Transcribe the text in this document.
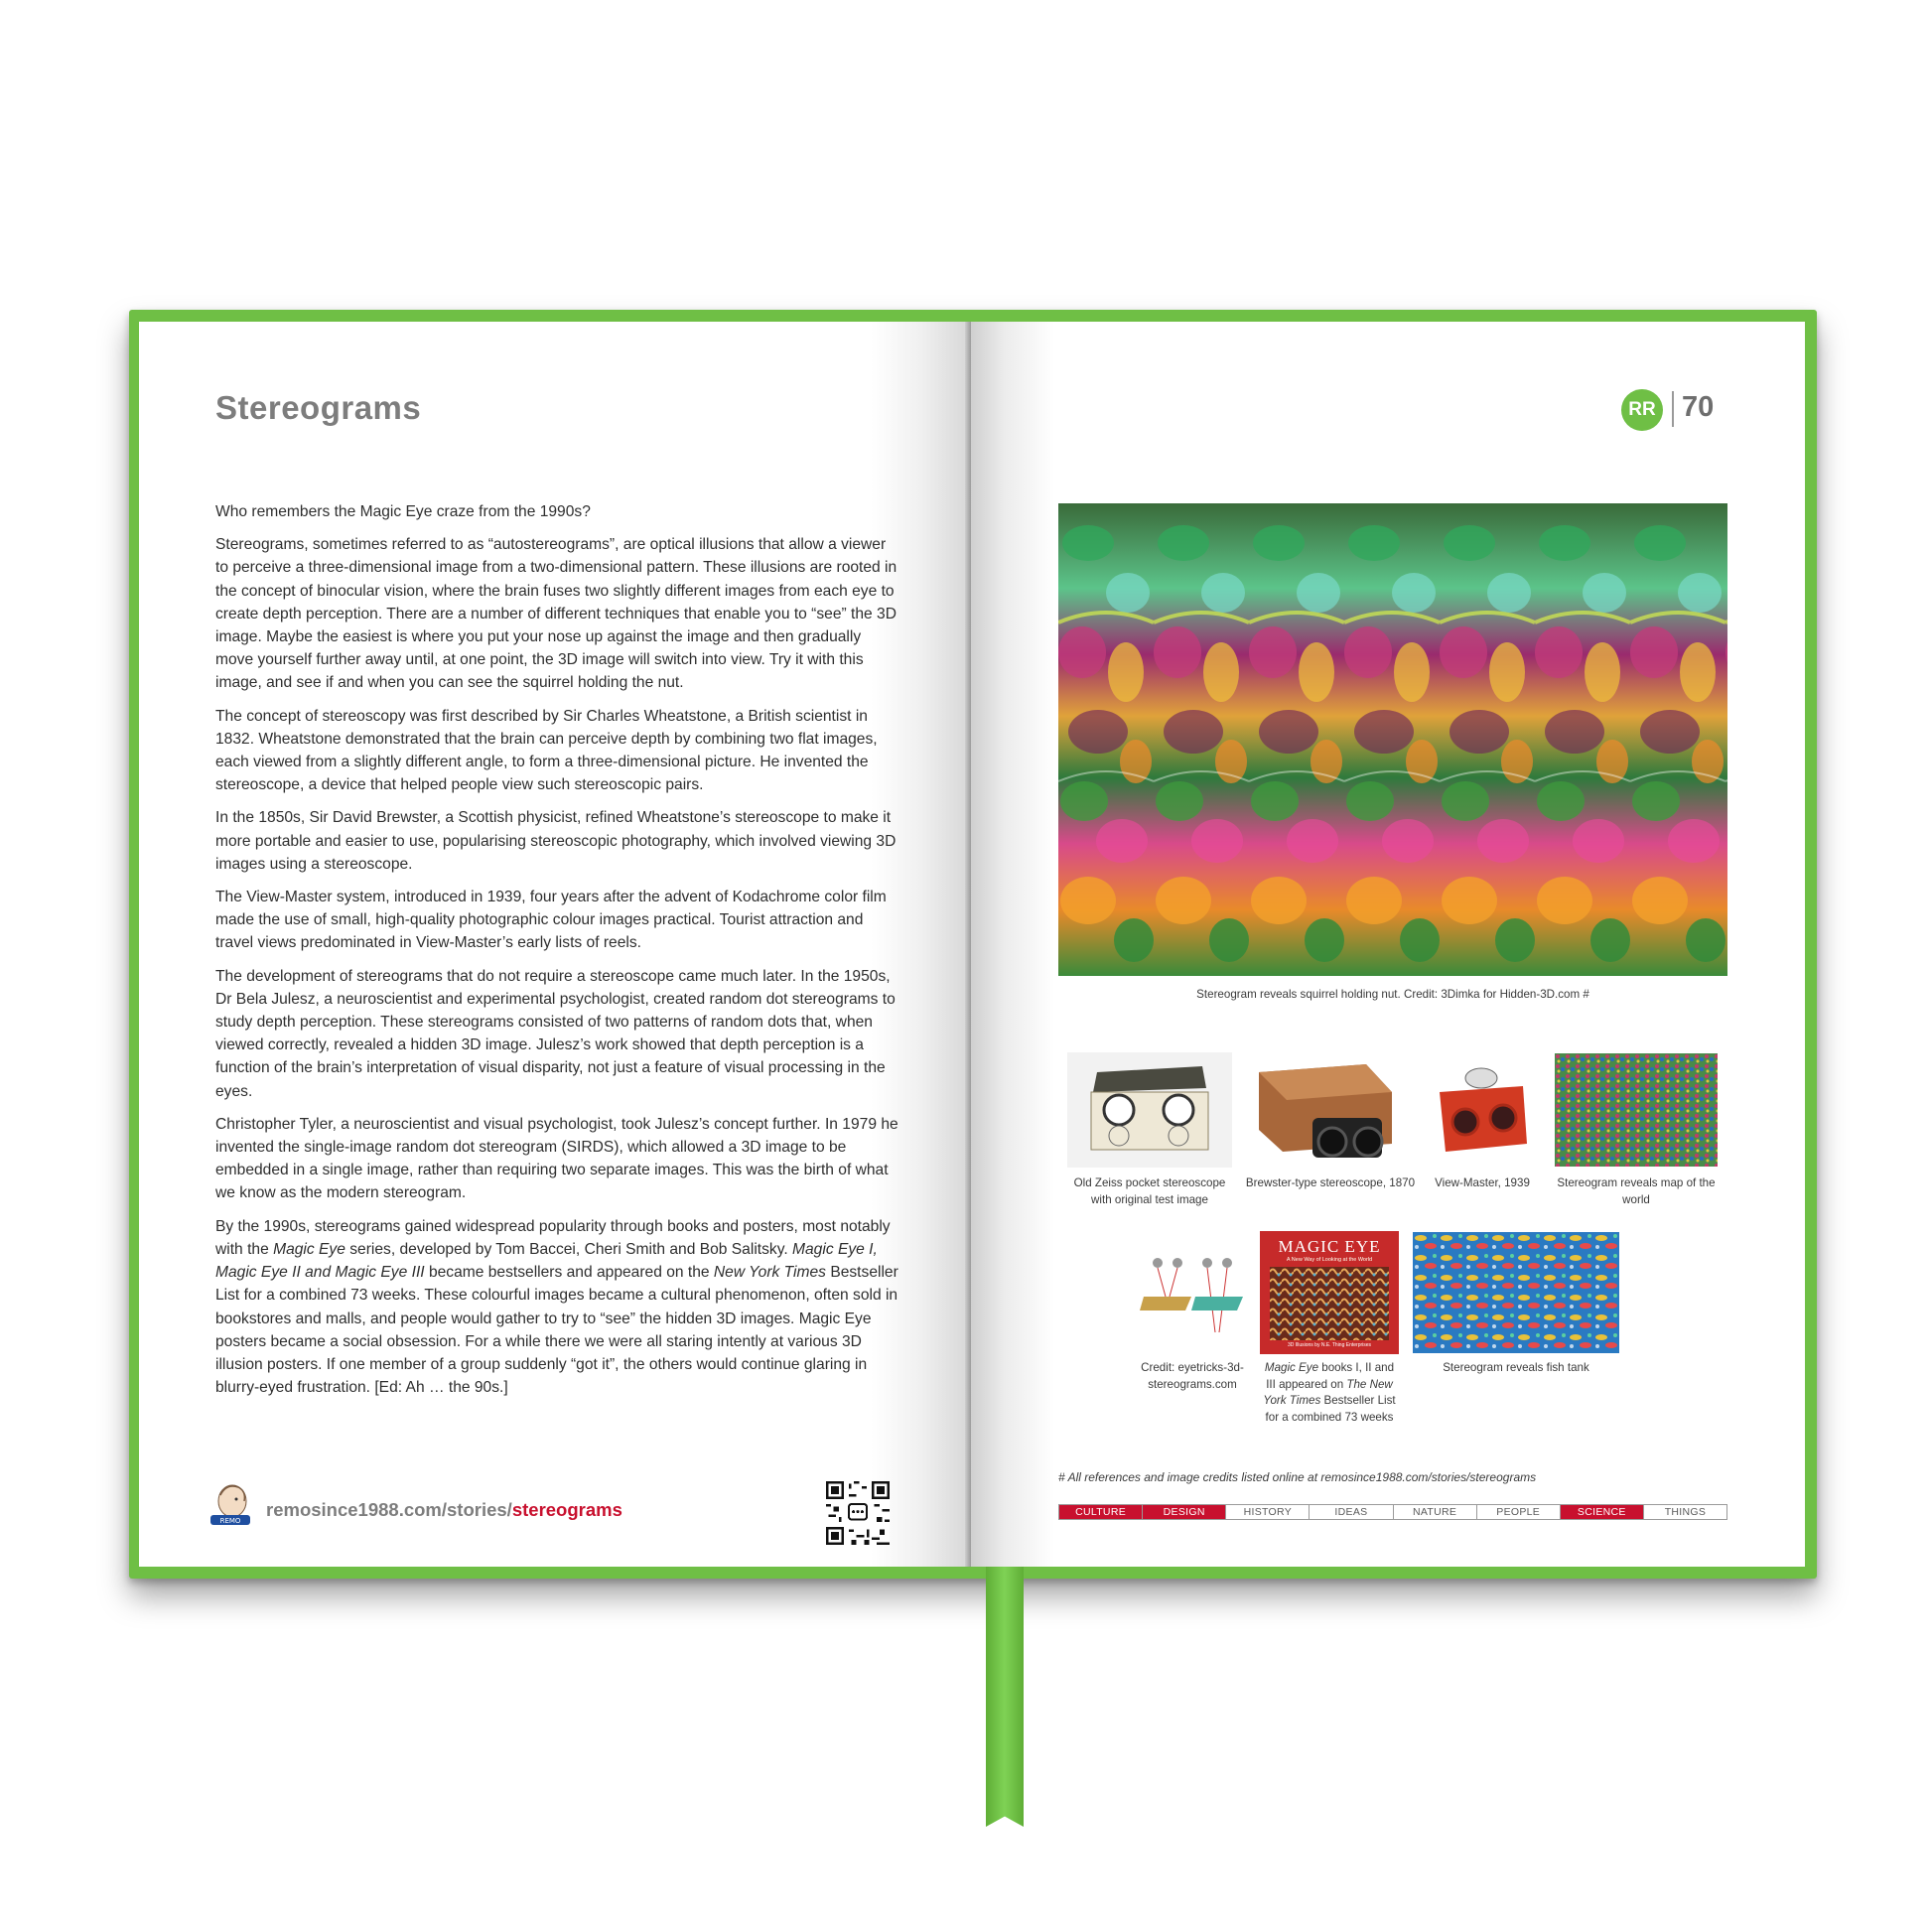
Stereograms

Who remembers the Magic Eye craze from the 1990s?

Stereograms, sometimes referred to as “autostereograms”, are optical illusions that allow a viewer to perceive a three-dimensional image from a two-dimensional pattern. These illusions are rooted in the concept of binocular vision, where the brain fuses two slightly different images from each eye to create depth perception. There are a number of different techniques that enable you to “see” the 3D image. Maybe the easiest is where you put your nose up against the image and then gradually move yourself further away until, at one point, the 3D image will switch into view. Try it with this image, and see if and when you can see the squirrel holding the nut.

The concept of stereoscopy was first described by Sir Charles Wheatstone, a British scientist in 1832. Wheatstone demonstrated that the brain can perceive depth by combining two flat images, each viewed from a slightly different angle, to form a three-dimensional picture. He invented the stereoscope, a device that helped people view such stereoscopic pairs.

In the 1850s, Sir David Brewster, a Scottish physicist, refined Wheatstone’s stereoscope to make it more portable and easier to use, popularising stereoscopic photography, which involved viewing 3D images using a stereoscope.

The View-Master system, introduced in 1939, four years after the advent of Kodachrome color film made the use of small, high-quality photographic colour images practical. Tourist attraction and travel views predominated in View-Master’s early lists of reels.

The development of stereograms that do not require a stereoscope came much later. In the 1950s, Dr Bela Julesz, a neuroscientist and experimental psychologist, created random dot stereograms to study depth perception. These stereograms consisted of two patterns of random dots that, when viewed correctly, revealed a hidden 3D image. Julesz’s work showed that depth perception is a function of the brain’s interpretation of visual disparity, not just a feature of visual processing in the eyes.

Christopher Tyler, a neuroscientist and visual psychologist, took Julesz’s concept further. In 1979 he invented the single-image random dot stereogram (SIRDS), which allowed a 3D image to be embedded in a single image, rather than requiring two separate images. This was the birth of what we know as the modern stereogram.

By the 1990s, stereograms gained widespread popularity through books and posters, most notably with the Magic Eye series, developed by Tom Baccei, Cheri Smith and Bob Salitsky. Magic Eye I, Magic Eye II and Magic Eye III became bestsellers and appeared on the New York Times Bestseller List for a combined 73 weeks. These colourful images became a cultural phenomenon, often sold in bookstores and malls, and people would gather to try to “see” the hidden 3D images. Magic Eye posters became a social obsession. For a while there we were all staring intently at various 3D illusion posters. If one member of a group suddenly “got it”, the others would continue glaring in blurry-eyed frustration. [Ed: Ah … the 90s.]

REMO
remosince1988.com/stories/stereograms
RR 70
Stereogram reveals squirrel holding nut. Credit: 3Dimka for Hidden-3D.com #
Old Zeiss pocket stereoscope with original test image
Brewster-type stereoscope, 1870	View-Master, 1939	Stereogram reveals map of the world
MAGIC EYE
A New Way of Looking at the World
3D Illusions by N.E. Thing Enterprises
Credit: eyetricks-3d-stereograms.com
Magic Eye books I, II and III appeared on The New York Times Bestseller List for a combined 73 weeks
Stereogram reveals fish tank
# All references and image credits listed online at remosince1988.com/stories/stereograms
CULTURE	DESIGN	HISTORY	IDEAS	NATURE	PEOPLE	SCIENCE	THINGS
